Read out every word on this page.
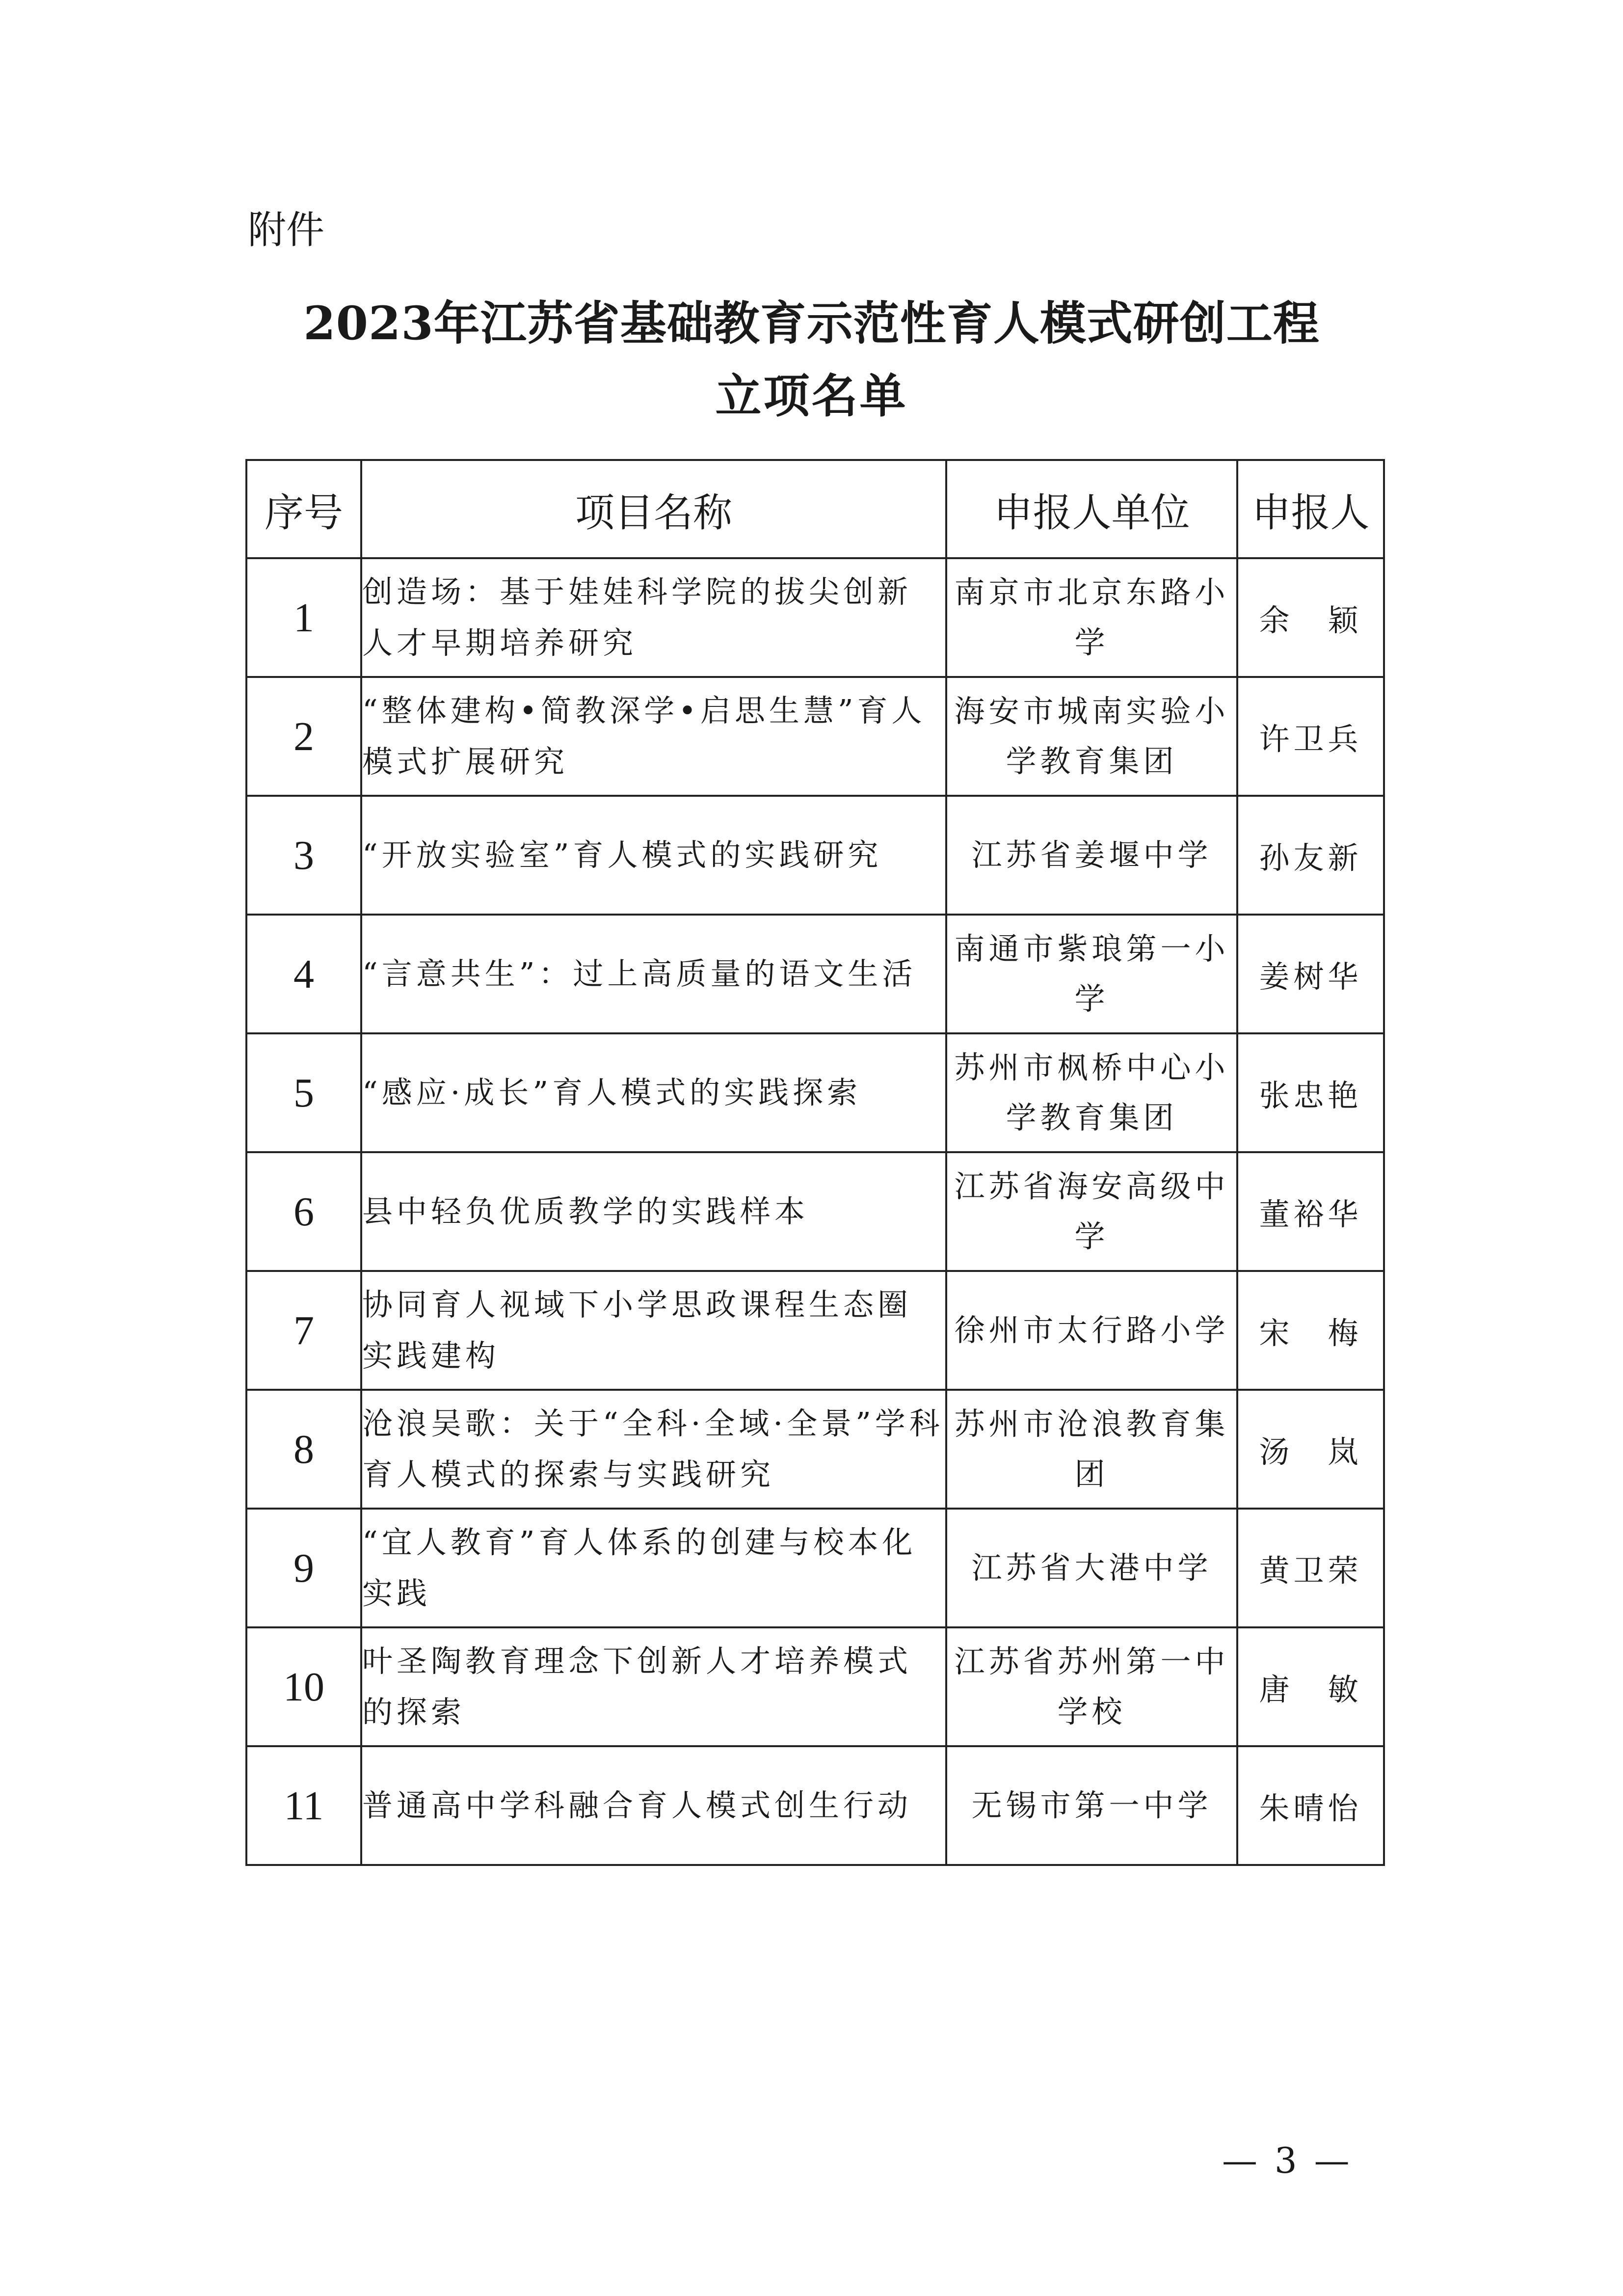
附件
2023年江苏省基础教育示范性育人模式研创工程
立项名单
序号	项目名称	申报人单位	申报人
1	创造场：基于娃娃科学院的拔尖创新人才早期培养研究	南京市北京东路小学	余　颖
2	“整体建构•简教深学•启思生慧”育人模式扩展研究	海安市城南实验小学教育集团	许卫兵
3	“开放实验室”育人模式的实践研究	江苏省姜堰中学	孙友新
4	“言意共生”：过上高质量的语文生活	南通市紫琅第一小学	姜树华
5	“感应·成长”育人模式的实践探索	苏州市枫桥中心小学教育集团	张忠艳
6	县中轻负优质教学的实践样本	江苏省海安高级中学	董裕华
7	协同育人视域下小学思政课程生态圈实践建构	徐州市太行路小学	宋　梅
8	沧浪吴歌：关于“全科·全域·全景”学科育人模式的探索与实践研究	苏州市沧浪教育集团	汤　岚
9	“宜人教育”育人体系的创建与校本化实践	江苏省大港中学	黄卫荣
10	叶圣陶教育理念下创新人才培养模式的探索	江苏省苏州第一中学校	唐　敏
11	普通高中学科融合育人模式创生行动	无锡市第一中学	朱晴怡
— 3 —
